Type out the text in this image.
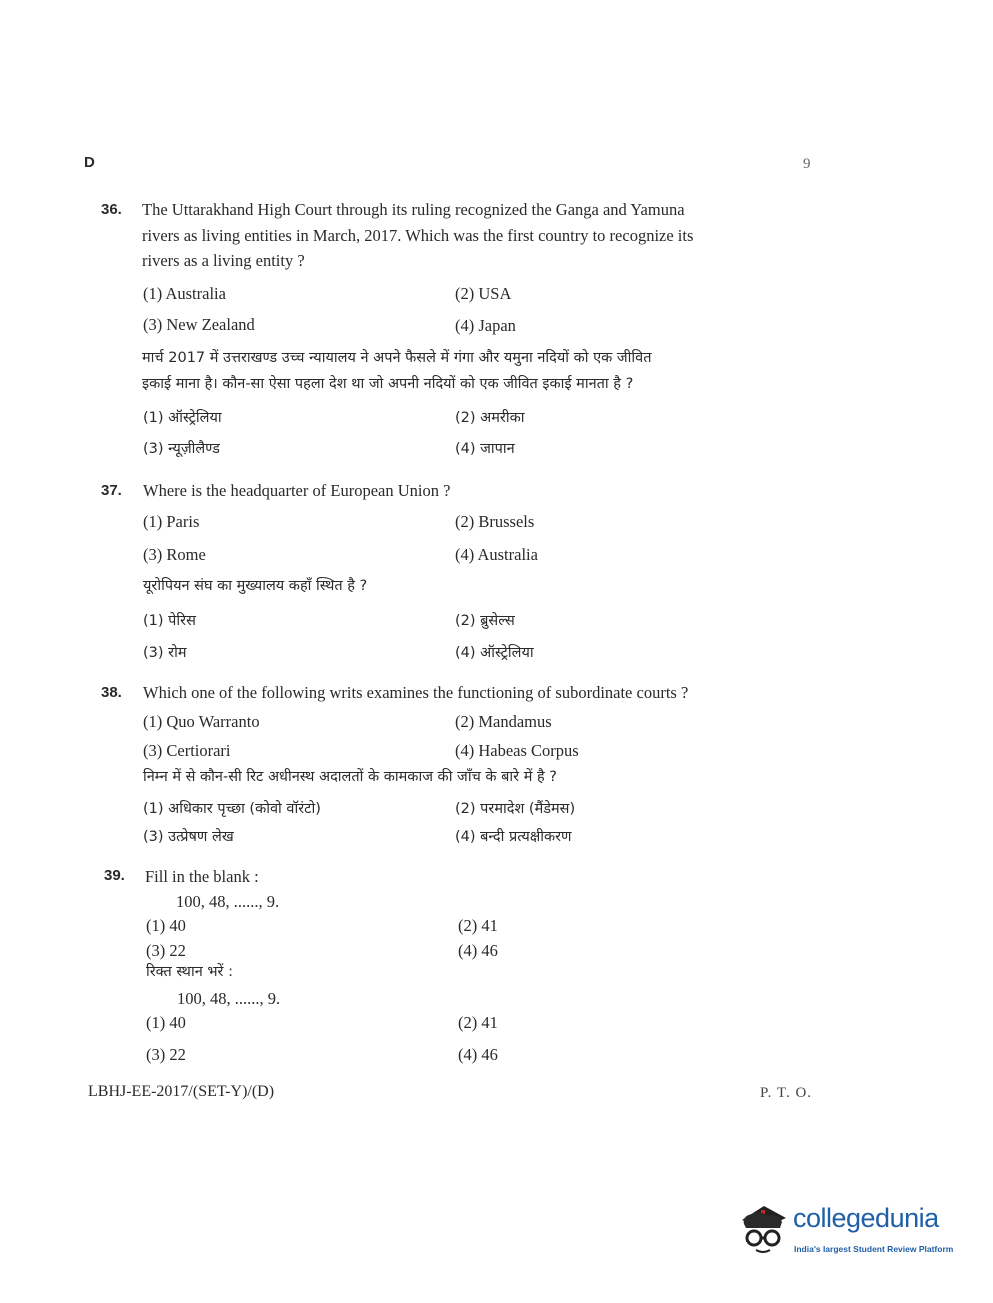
D	9
36. The Uttarakhand High Court through its ruling recognized the Ganga and Yamuna
rivers as living entities in March, 2017. Which was the first country to recognize its
rivers as a living entity ?
(1) Australia	(2) USA
(3) New Zealand	(4) Japan
मार्च 2017 में उत्तराखण्ड उच्च न्यायालय ने अपने फैसले में गंगा और यमुना नदियों को एक जीवित
इकाई माना है। कौन-सा ऐसा पहला देश था जो अपनी नदियों को एक जीवित इकाई मानता है ?
(1) ऑस्ट्रेलिया	(2) अमरीका
(3) न्यूज़ीलैण्ड	(4) जापान
37. Where is the headquarter of European Union ?
(1) Paris	(2) Brussels
(3) Rome	(4) Australia
यूरोपियन संघ का मुख्यालय कहाँ स्थित है ?
(1) पेरिस	(2) ब्रुसेल्स
(3) रोम	(4) ऑस्ट्रेलिया
38. Which one of the following writs examines the functioning of subordinate courts ?
(1) Quo Warranto	(2) Mandamus
(3) Certiorari	(4) Habeas Corpus
निम्न में से कौन-सी रिट अधीनस्थ अदालतों के कामकाज की जाँच के बारे में है ?
(1) अधिकार पृच्छा (कोवो वॉरंटो)	(2) परमादेश (मैंडेमस)
(3) उत्प्रेषण लेख	(4) बन्दी प्रत्यक्षीकरण
39. Fill in the blank :
100, 48, ......, 9.
(1) 40	(2) 41
(3) 22	(4) 46
रिक्त स्थान भरें :
100, 48, ......, 9.
(1) 40	(2) 41
(3) 22	(4) 46
LBHJ-EE-2017/(SET-Y)/(D)	P. T. O.
collegedunia
India's largest Student Review Platform
